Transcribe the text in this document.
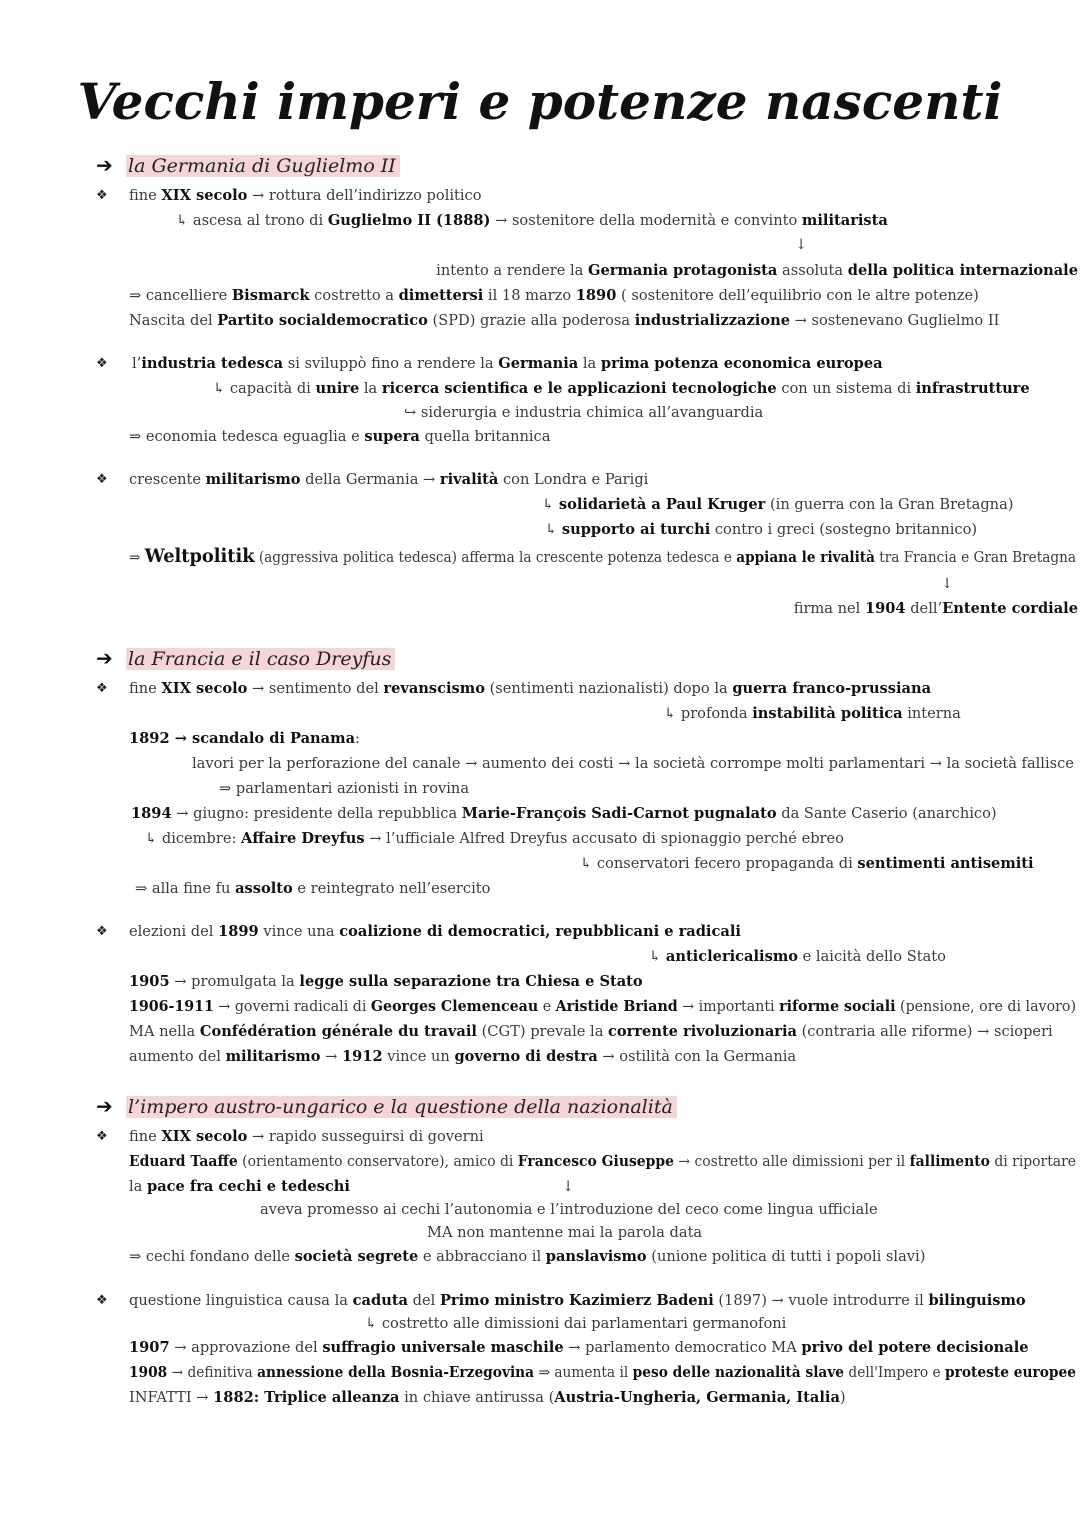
Vecchi imperi e potenze nascenti
➔ la Germania di Guglielmo II
❖ fine XIX secolo → rottura dell’indirizzo politico
↳ ascesa al trono di Guglielmo II (1888) → sostenitore della modernità e convinto militarista
↓
intento a rendere la Germania protagonista assoluta della politica internazionale
⇒ cancelliere Bismarck costretto a dimettersi il 18 marzo 1890 ( sostenitore dell’equilibrio con le altre potenze)
Nascita del Partito socialdemocratico (SPD) grazie alla poderosa industrializzazione → sostenevano Guglielmo II
❖ l’industria tedesca si sviluppò fino a rendere la Germania la prima potenza economica europea
↳ capacità di unire la ricerca scientifica e le applicazioni tecnologiche con un sistema di infrastrutture
↪ siderurgia e industria chimica all’avanguardia
⇒ economia tedesca eguaglia e supera quella britannica
❖ crescente militarismo della Germania → rivalità con Londra e Parigi
↳ solidarietà a Paul Kruger (in guerra con la Gran Bretagna)
↳ supporto ai turchi contro i greci (sostegno britannico)
⇒ Weltpolitik (aggressiva politica tedesca) afferma la crescente potenza tedesca e appiana le rivalità tra Francia e Gran Bretagna
↓
firma nel 1904 dell’Entente cordiale
➔ la Francia e il caso Dreyfus
❖ fine XIX secolo → sentimento del revanscismo (sentimenti nazionalisti) dopo la guerra franco-prussiana
↳ profonda instabilità politica interna
1892 → scandalo di Panama:
lavori per la perforazione del canale → aumento dei costi → la società corrompe molti parlamentari → la società fallisce
⇒ parlamentari azionisti in rovina
1894 → giugno: presidente della repubblica Marie-François Sadi-Carnot pugnalato da Sante Caserio (anarchico)
↳ dicembre: Affaire Dreyfus → l’ufficiale Alfred Dreyfus accusato di spionaggio perché ebreo
↳ conservatori fecero propaganda di sentimenti antisemiti
⇒ alla fine fu assolto e reintegrato nell’esercito
❖ elezioni del 1899 vince una coalizione di democratici, repubblicani e radicali
↳ anticlericalismo e laicità dello Stato
1905 → promulgata la legge sulla separazione tra Chiesa e Stato
1906-1911 → governi radicali di Georges Clemenceau e Aristide Briand → importanti riforme sociali (pensione, ore di lavoro)
MA nella Confédération générale du travail (CGT) prevale la corrente rivoluzionaria (contraria alle riforme) → scioperi
aumento del militarismo → 1912 vince un governo di destra → ostilità con la Germania
➔ l’impero austro-ungarico e la questione della nazionalità
❖ fine XIX secolo → rapido susseguirsi di governi
Eduard Taaffe (orientamento conservatore), amico di Francesco Giuseppe → costretto alle dimissioni per il fallimento di riportare
la pace fra cechi e tedeschi	↓
aveva promesso ai cechi l’autonomia e l’introduzione del ceco come lingua ufficiale
MA non mantenne mai la parola data
⇒ cechi fondano delle società segrete e abbracciano il panslavismo (unione politica di tutti i popoli slavi)
❖ questione linguistica causa la caduta del Primo ministro Kazimierz Badeni (1897) → vuole introdurre il bilinguismo
↳ costretto alle dimissioni dai parlamentari germanofoni
1907 → approvazione del suffragio universale maschile → parlamento democratico MA privo del potere decisionale
1908 → definitiva annessione della Bosnia-Erzegovina ⇒ aumenta il peso delle nazionalità slave dell'Impero e proteste europee
INFATTI → 1882: Triplice alleanza in chiave antirussa (Austria-Ungheria, Germania, Italia)
